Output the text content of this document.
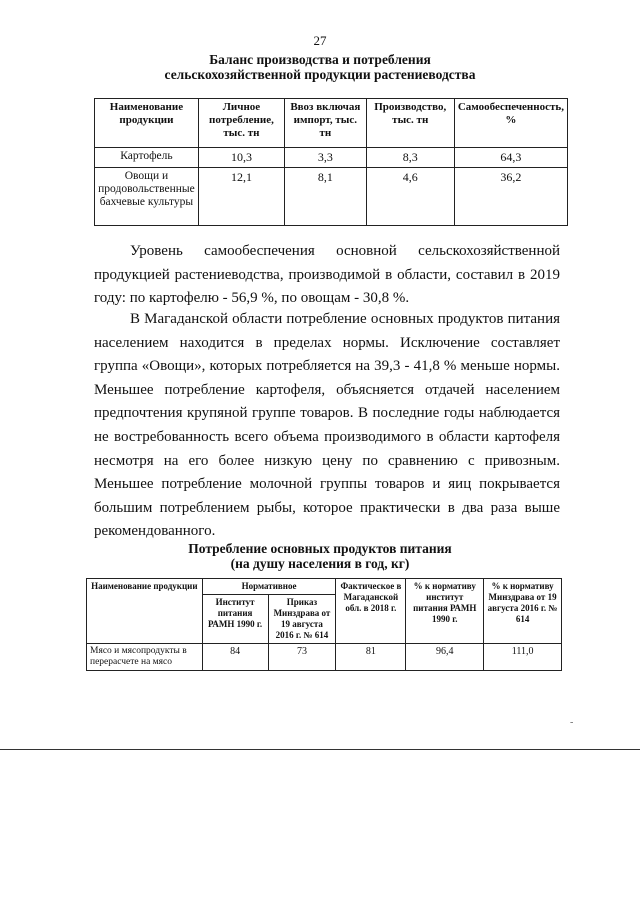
27
Баланс производства и потребления
сельскохозяйственной продукции растениеводства
Наименование продукции	Личное потребление, тыс. тн	Ввоз включая импорт, тыс. тн	Производство, тыс. тн	Самообеспеченность, %
Картофель	10,3	3,3	8,3	64,3
Овощи и продовольственные бахчевые культуры	12,1	8,1	4,6	36,2

Уровень самообеспечения основной сельскохозяйственной продукцией растениеводства, производимой в области, составил в 2019 году: по картофелю - 56,9 %, по овощам - 30,8 %.

В Магаданской области потребление основных продуктов питания населением находится в пределах нормы. Исключение составляет группа «Овощи», которых потребляется на 39,3 - 41,8 % меньше нормы. Меньшее потребление картофеля, объясняется отдачей населением предпочтения крупяной группе товаров. В последние годы наблюдается не востребованность всего объема производимого в области картофеля несмотря на его более низкую цену по сравнению с привозным. Меньшее потребление молочной группы товаров и яиц покрывается большим потреблением рыбы, которое практически в два раза выше рекомендованного.

Потребление основных продуктов питания
(на душу населения в год, кг)
Наименование продукции	Нормативное		Фактическое в Магаданской обл. в 2018 г.	% к нормативу институт питания РАМН 1990 г.	% к нормативу Минздрава от 19 августа 2016 г. № 614
	Институт питания РАМН 1990 г.	Приказ Минздрава от 19 августа 2016 г. № 614			
Мясо и мясопродукты в перерасчете на мясо	84	73	81	96,4	111,0
-
